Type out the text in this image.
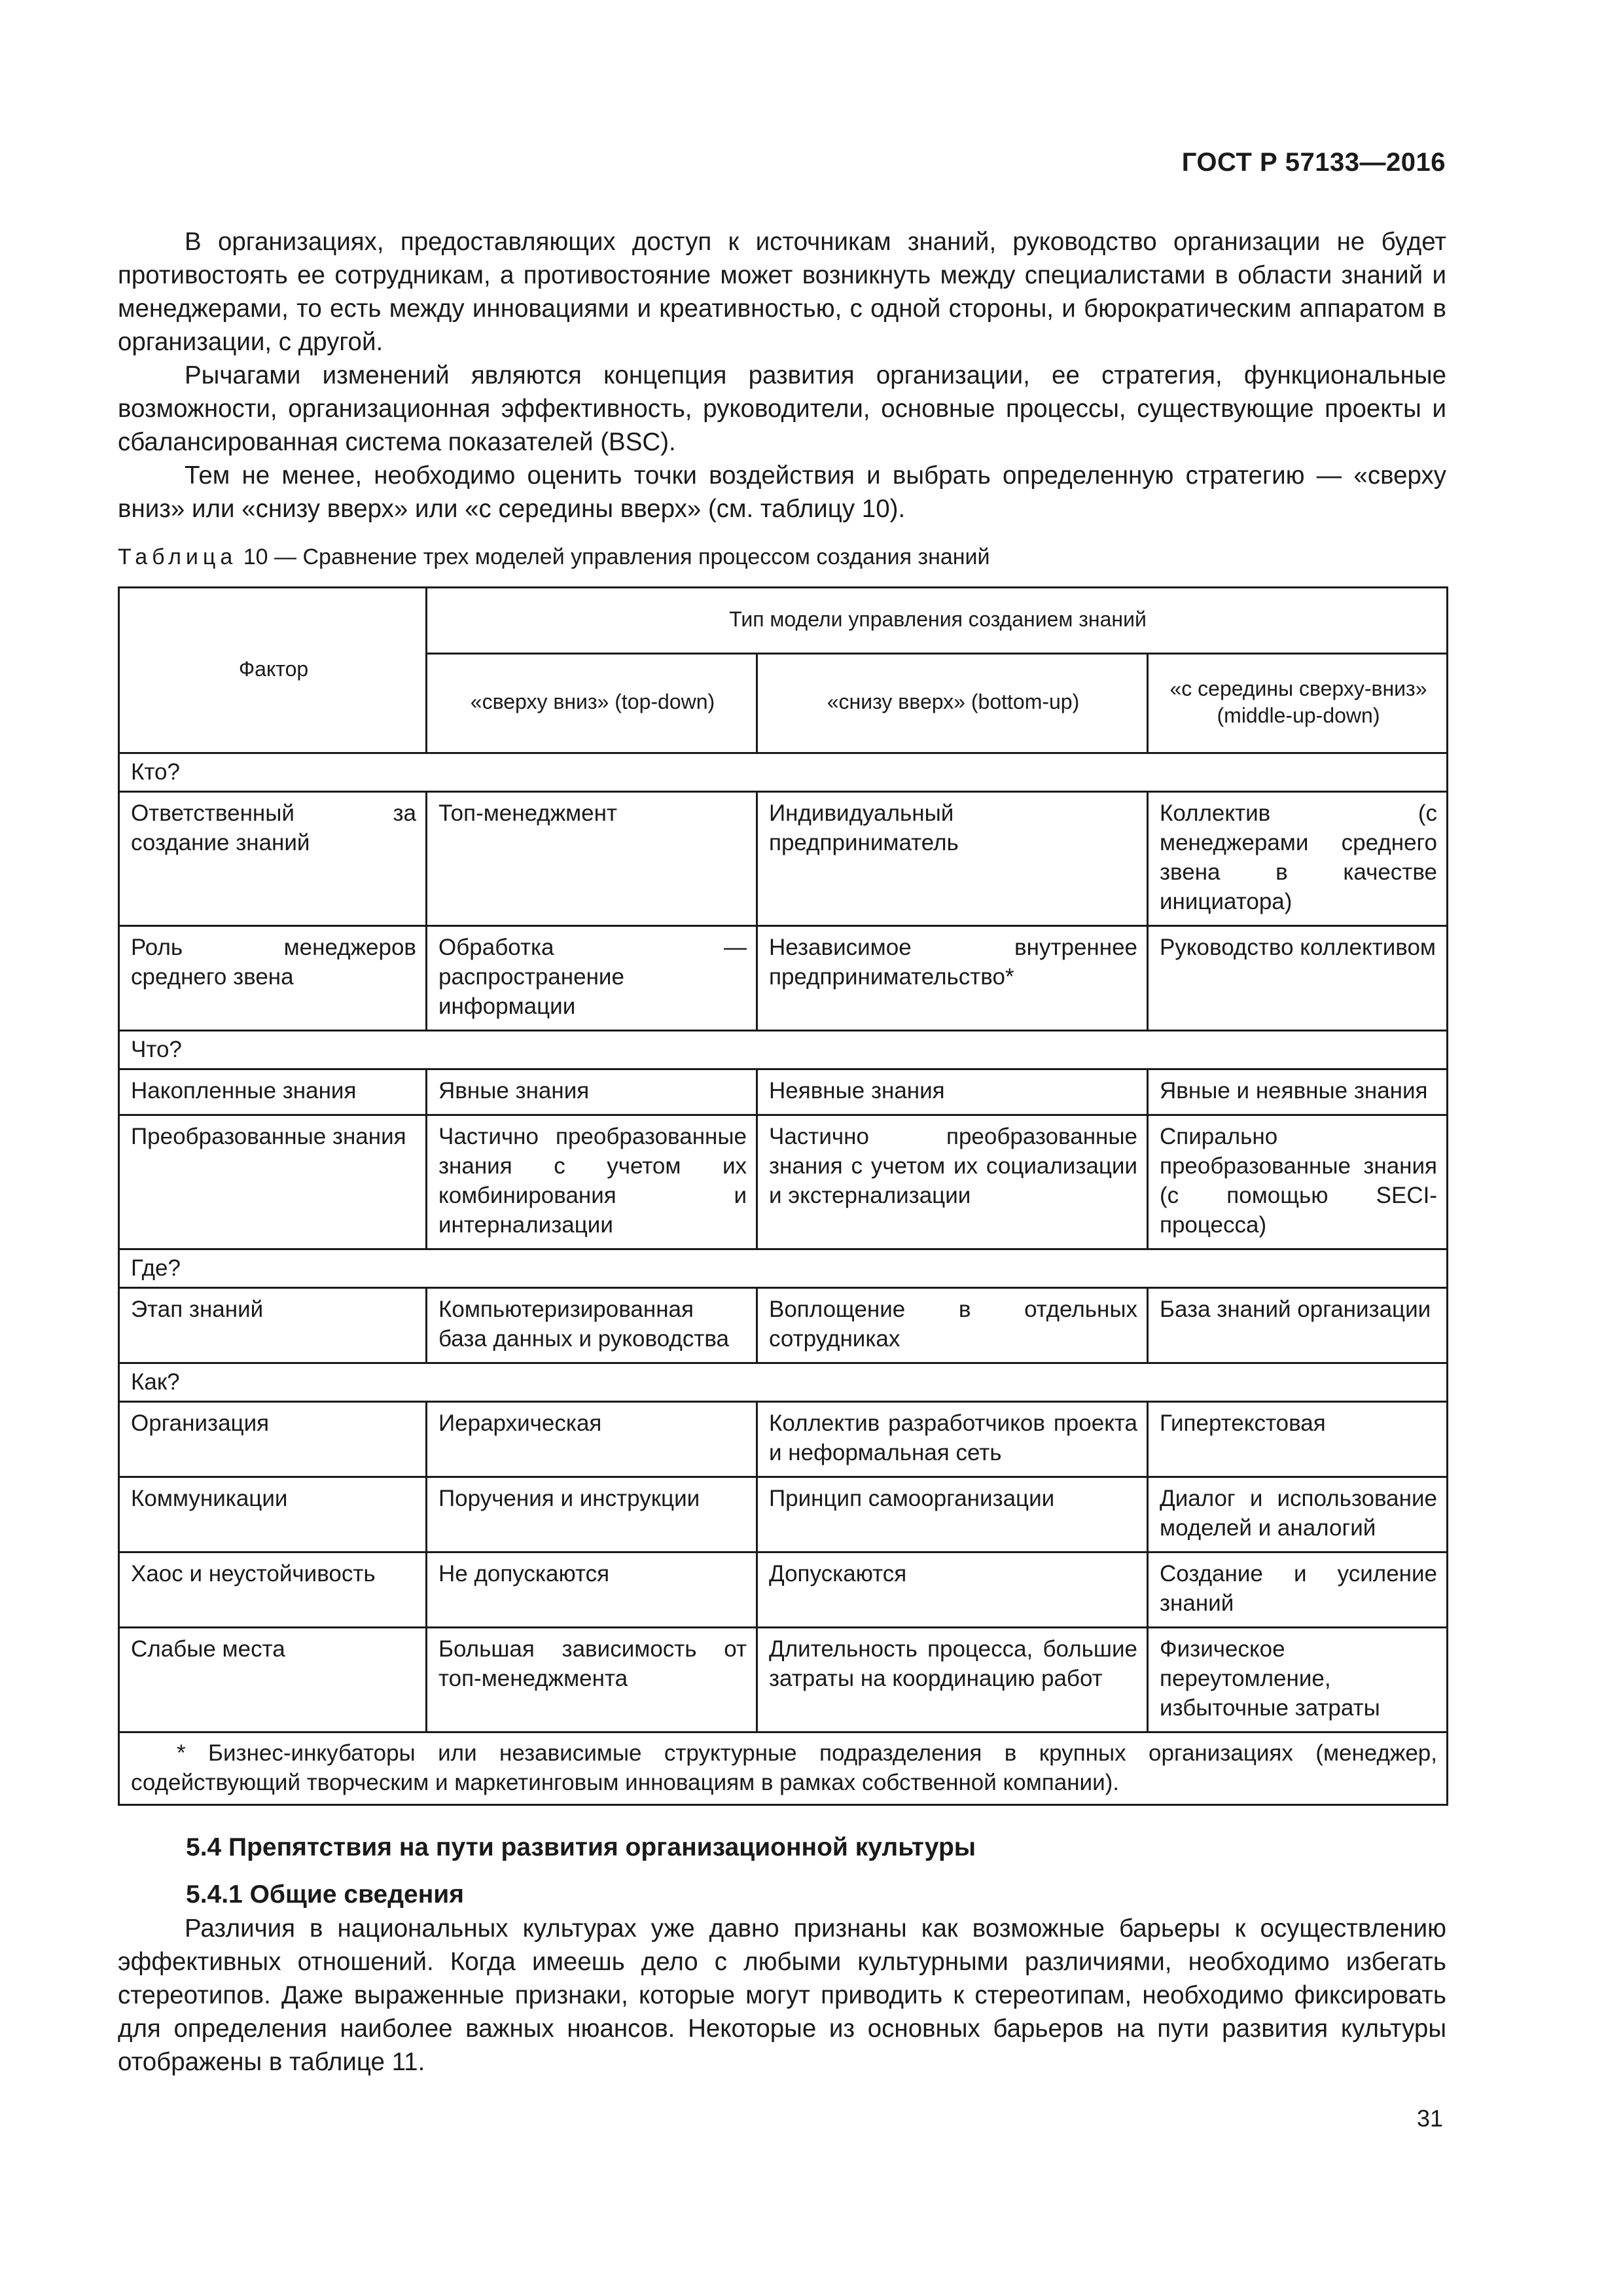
ГОСТ Р 57133—2016

В организациях, предоставляющих доступ к источникам знаний, руководство организации не будет противостоять ее сотрудникам, а противостояние может возникнуть между специалистами в области знаний и менеджерами, то есть между инновациями и креативностью, с одной стороны, и бюрократическим аппаратом в организации, с другой.

Рычагами изменений являются концепция развития организации, ее стратегия, функциональные возможности, организационная эффективность, руководители, основные процессы, существующие проекты и сбалансированная система показателей (BSC).

Тем не менее, необходимо оценить точки воздействия и выбрать определенную стратегию — «сверху вниз» или «снизу вверх» или «с середины вверх» (см. таблицу 10).

Таблица 10 — Сравнение трех моделей управления процессом создания знаний
Фактор	Тип модели управления созданием знаний		
	«сверху вниз» (top-down)	«снизу вверх» (bottom-up)	«с середины сверху-вниз» (middle-up-down)
Кто?			
Ответственный за создание знаний	Топ-менеджмент	Индивидуальный предприниматель	Коллектив (с менеджерами среднего звена в качестве инициатора)
Роль менеджеров среднего звена	Обработка — распространение информации	Независимое внутреннее предпринимательство*	Руководство коллективом
Что?			
Накопленные знания	Явные знания	Неявные знания	Явные и неявные знания
Преобразованные знания	Частично преобразованные знания с учетом их комбинирования и интернализации	Частично преобразованные знания с учетом их социализации и экстернализации	Спирально преобразованные знания (с помощью SECI-процесса)
Где?			
Этап знаний	Компьютеризированная база данных и руководства	Воплощение в отдельных сотрудниках	База знаний организации
Как?			
Организация	Иерархическая	Коллектив разработчиков проекта и неформальная сеть	Гипертекстовая
Коммуникации	Поручения и инструкции	Принцип самоорганизации	Диалог и использование моделей и аналогий
Хаос и неустойчивость	Не допускаются	Допускаются	Создание и усиление знаний
Слабые места	Большая зависимость от топ-менеджмента	Длительность процесса, большие затраты на координацию работ	Физическое переутомление, избыточные затраты
* Бизнес-инкубаторы или независимые структурные подразделения в крупных организациях (менеджер, содействующий творческим и маркетинговым инновациям в рамках собственной компании).			
5.4 Препятствия на пути развития организационной культуры
5.4.1 Общие сведения

Различия в национальных культурах уже давно признаны как возможные барьеры к осуществлению эффективных отношений. Когда имеешь дело с любыми культурными различиями, необходимо избегать стереотипов. Даже выраженные признаки, которые могут приводить к стереотипам, необходимо фиксировать для определения наиболее важных нюансов. Некоторые из основных барьеров на пути развития культуры отображены в таблице 11.

31
